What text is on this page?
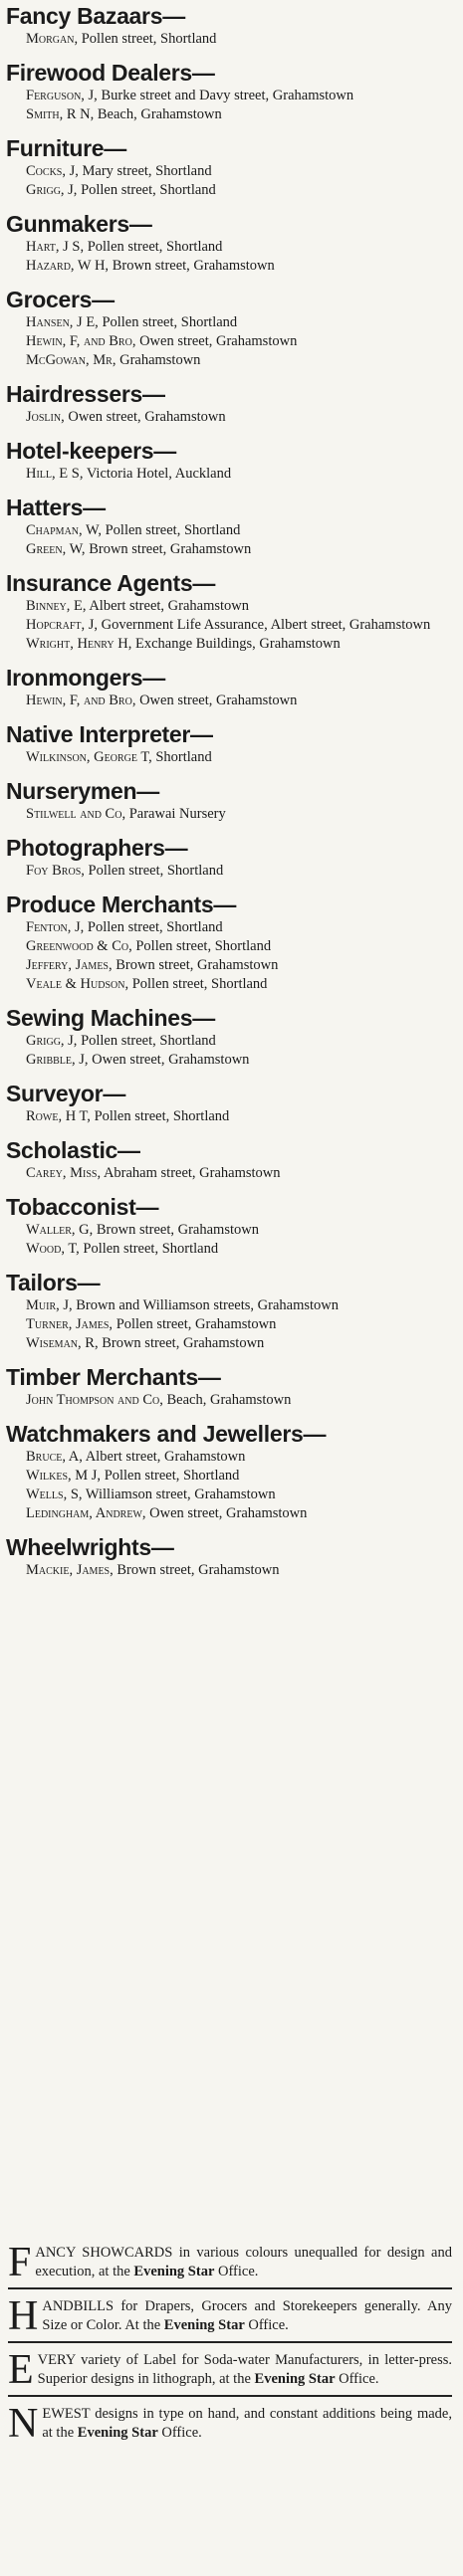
Fancy Bazaars—
Morgan, Pollen street, Shortland
Firewood Dealers—
Ferguson, J, Burke street and Davy street, Grahamstown
Smith, R N, Beach, Grahamstown
Furniture—
Cocks, J, Mary street, Shortland
Grigg, J, Pollen street, Shortland
Gunmakers—
Hart, J S, Pollen street, Shortland
Hazard, W H, Brown street, Grahamstown
Grocers—
Hansen, J E, Pollen street, Shortland
Hewin, F, and Bro, Owen street, Grahamstown
McGowan, Mr, Grahamstown
Hairdressers—
Joslin, Owen street, Grahamstown
Hotel-keepers—
Hill, E S, Victoria Hotel, Auckland
Hatters—
Chapman, W, Pollen street, Shortland
Green, W, Brown street, Grahamstown
Insurance Agents—
Binney, E, Albert street, Grahamstown
Hopcraft, J, Government Life Assurance, Albert street, Grahamstown
Wright, Henry H, Exchange Buildings, Grahamstown
Ironmongers—
Hewin, F, and Bro, Owen street, Grahamstown
Native Interpreter—
Wilkinson, George T, Shortland
Nurserymen—
Stilwell and Co, Parawai Nursery
Photographers—
Foy Bros, Pollen street, Shortland
Produce Merchants—
Fenton, J, Pollen street, Shortland
Greenwood & Co, Pollen street, Shortland
Jeffery, James, Brown street, Grahamstown
Veale & Hudson, Pollen street, Shortland
Sewing Machines—
Grigg, J, Pollen street, Shortland
Gribble, J, Owen street, Grahamstown
Surveyor—
Rowe, H T, Pollen street, Shortland
Scholastic—
Carey, Miss, Abraham street, Grahamstown
Tobacconist—
Waller, G, Brown street, Grahamstown
Wood, T, Pollen street, Shortland
Tailors—
Muir, J, Brown and Williamson streets, Grahamstown
Turner, James, Pollen street, Grahamstown
Wiseman, R, Brown street, Grahamstown
Timber Merchants—
John Thompson and Co, Beach, Grahamstown
Watchmakers and Jewellers—
Bruce, A, Albert street, Grahamstown
Wilkes, M J, Pollen street, Shortland
Wells, S, Williamson street, Grahamstown
Ledingham, Andrew, Owen street, Grahamstown
Wheelwrights—
Mackie, James, Brown street, Grahamstown
FANCY SHOWCARDS in various colours unequalled for design and execution, at the Evening Star Office.
HANDBILLS for Drapers, Grocers and Storekeepers generally. Any Size or Color. At the Evening Star Office.
EVERY variety of Label for Soda-water Manufacturers, in letter-press. Superior designs in lithograph, at the Evening Star Office.
NEWEST designs in type on hand, and constant additions being made, at the Evening Star Office.
